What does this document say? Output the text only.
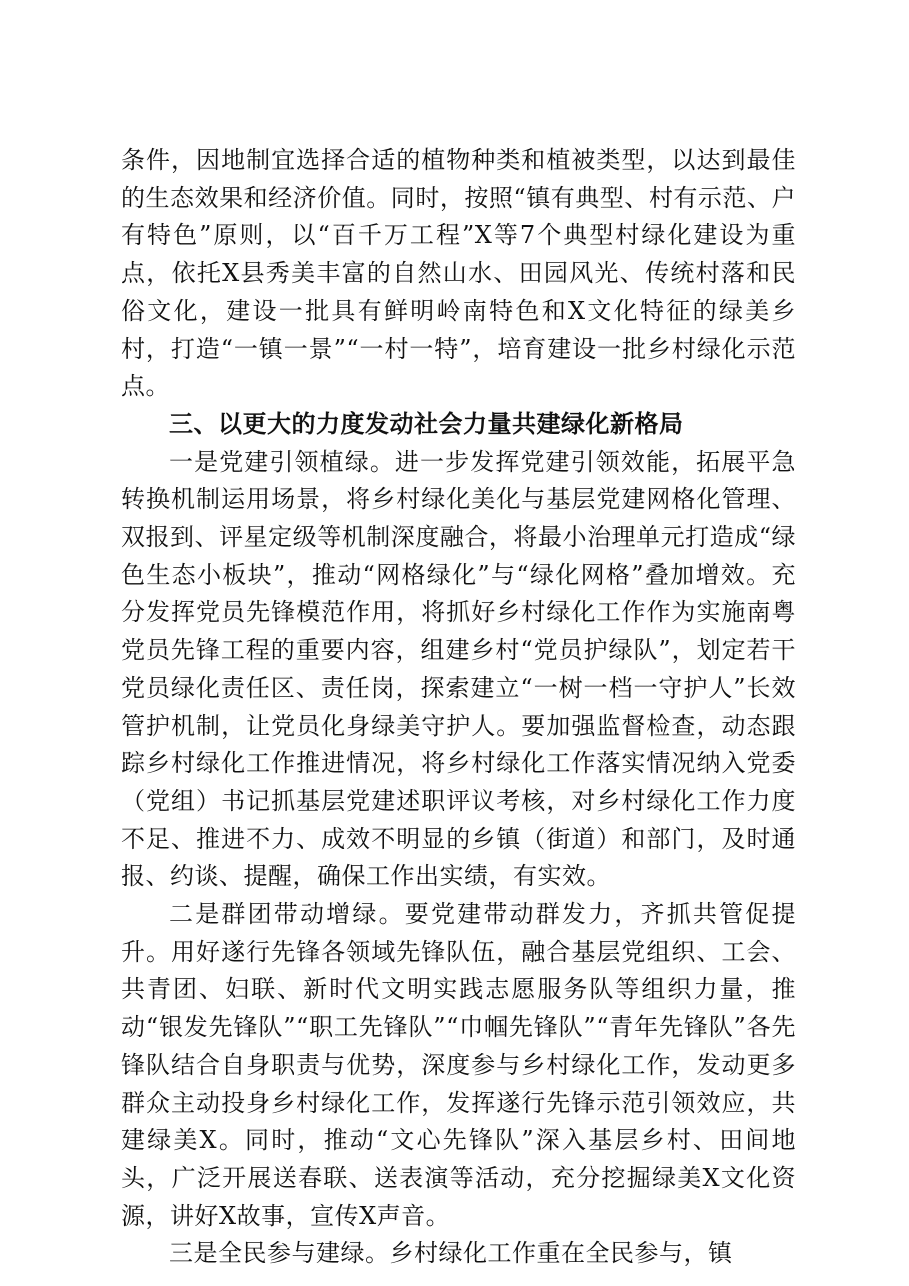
条件，因地制宜选择合适的植物种类和植被类型，以达到最佳的生态效果和经济价值。同时，按照“镇有典型、村有示范、户有特色”原则，以“百千万工程”X等7个典型村绿化建设为重点，依托X县秀美丰富的自然山水、田园风光、传统村落和民俗文化，建设一批具有鲜明岭南特色和X文化特征的绿美乡村，打造“一镇一景”“一村一特”，培育建设一批乡村绿化示范点。

三、以更大的力度发动社会力量共建绿化新格局

一是党建引领植绿。进一步发挥党建引领效能，拓展平急转换机制运用场景，将乡村绿化美化与基层党建网格化管理、双报到、评星定级等机制深度融合，将最小治理单元打造成“绿色生态小板块”，推动“网格绿化”与“绿化网格”叠加增效。充分发挥党员先锋模范作用，将抓好乡村绿化工作作为实施南粤党员先锋工程的重要内容，组建乡村“党员护绿队”，划定若干党员绿化责任区、责任岗，探索建立“一树一档一守护人”长效管护机制，让党员化身绿美守护人。要加强监督检查，动态跟踪乡村绿化工作推进情况，将乡村绿化工作落实情况纳入党委（党组）书记抓基层党建述职评议考核，对乡村绿化工作力度不足、推进不力、成效不明显的乡镇（街道）和部门，及时通报、约谈、提醒，确保工作出实绩，有实效。

二是群团带动增绿。要党建带动群发力，齐抓共管促提升。用好遂行先锋各领域先锋队伍，融合基层党组织、工会、共青团、妇联、新时代文明实践志愿服务队等组织力量，推动“银发先锋队”“职工先锋队”“巾帼先锋队”“青年先锋队”各先锋队结合自身职责与优势，深度参与乡村绿化工作，发动更多群众主动投身乡村绿化工作，发挥遂行先锋示范引领效应，共建绿美X。同时，推动“文心先锋队”深入基层乡村、田间地头，广泛开展送春联、送表演等活动，充分挖掘绿美X文化资源，讲好X故事，宣传X声音。

三是全民参与建绿。乡村绿化工作重在全民参与，镇
